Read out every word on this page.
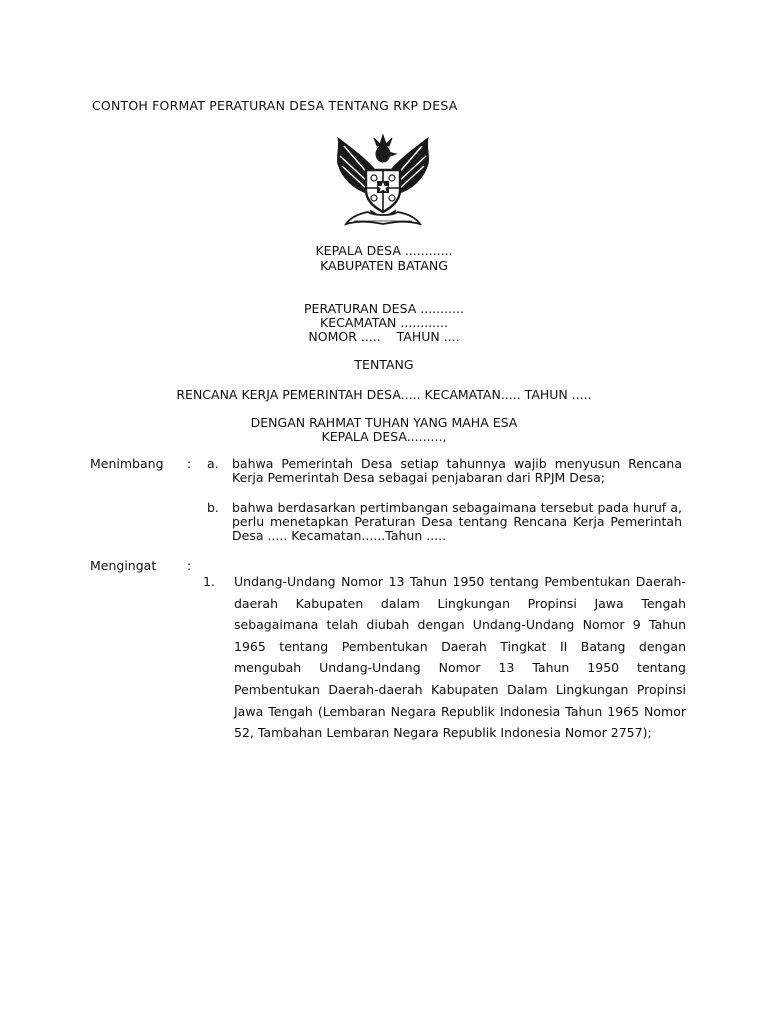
CONTOH FORMAT PERATURAN DESA TENTANG RKP DESA
KEPALA DESA ............
KABUPATEN BATANG
PERATURAN DESA ...........
KECAMATAN ............
NOMOR .....    TAHUN ....
TENTANG
RENCANA KERJA PEMERINTAH DESA..... KECAMATAN..... TAHUN .....
DENGAN RAHMAT TUHAN YANG MAHA ESA
KEPALA DESA.........,
Menimbang : a. bahwa Pemerintah Desa setiap tahunnya wajib menyusun Rencana Kerja Pemerintah Desa sebagai penjabaran dari RPJM Desa;
b. bahwa berdasarkan pertimbangan sebagaimana tersebut pada huruf a, perlu menetapkan Peraturan Desa tentang Rencana Kerja Pemerintah Desa ..... Kecamatan......Tahun .....
Mengingat :
1. Undang-Undang Nomor 13 Tahun 1950 tentang Pembentukan Daerah-daerah Kabupaten dalam Lingkungan Propinsi Jawa Tengah sebagaimana telah diubah dengan Undang-Undang Nomor 9 Tahun 1965 tentang Pembentukan Daerah Tingkat II Batang dengan mengubah Undang-Undang Nomor 13 Tahun 1950 tentang Pembentukan Daerah-daerah Kabupaten Dalam Lingkungan Propinsi Jawa Tengah (Lembaran Negara Republik Indonesia Tahun 1965 Nomor 52, Tambahan Lembaran Negara Republik Indonesia Nomor 2757);
